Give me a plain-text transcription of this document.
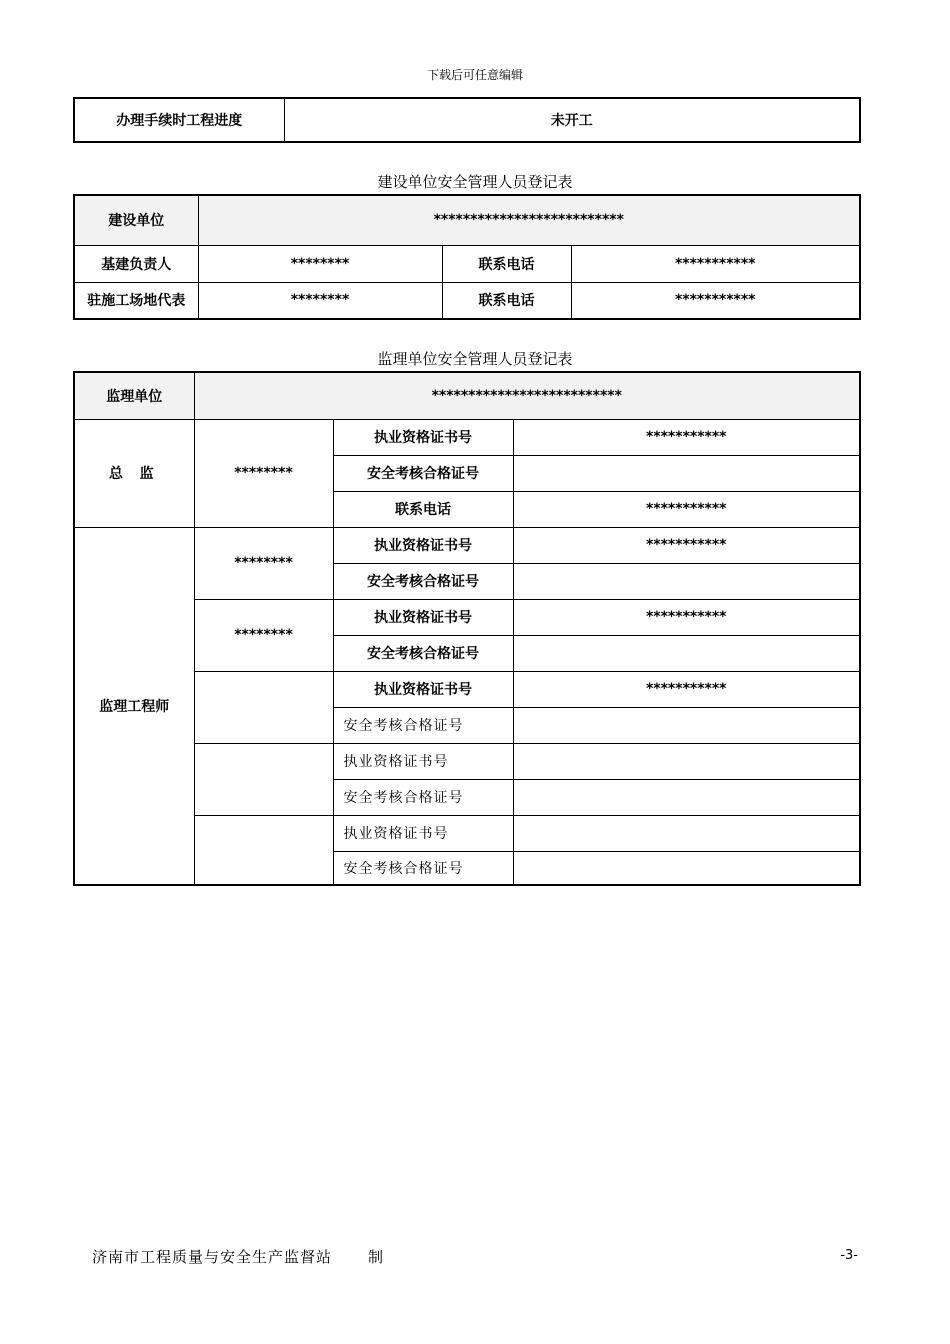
下载后可任意编辑
办理手续时工程进度	未开工
建设单位安全管理人员登记表
建设单位	**************************		
基建负责人	********	联系电话	***********
驻施工场地代表	********	联系电话	***********
监理单位安全管理人员登记表
监理单位	**************************		
总 监	********	执业资格证书号	***********
		安全考核合格证号	
		联系电话	***********
监理工程师	********	执业资格证书号	***********
		安全考核合格证号	
	********	执业资格证书号	***********
		安全考核合格证号	
		执业资格证书号	***********
		安全考核合格证号	
		执业资格证书号	
		安全考核合格证号	
		执业资格证书号	
		安全考核合格证号	
济南市工程质量与安全生产监督站 制	-3-
